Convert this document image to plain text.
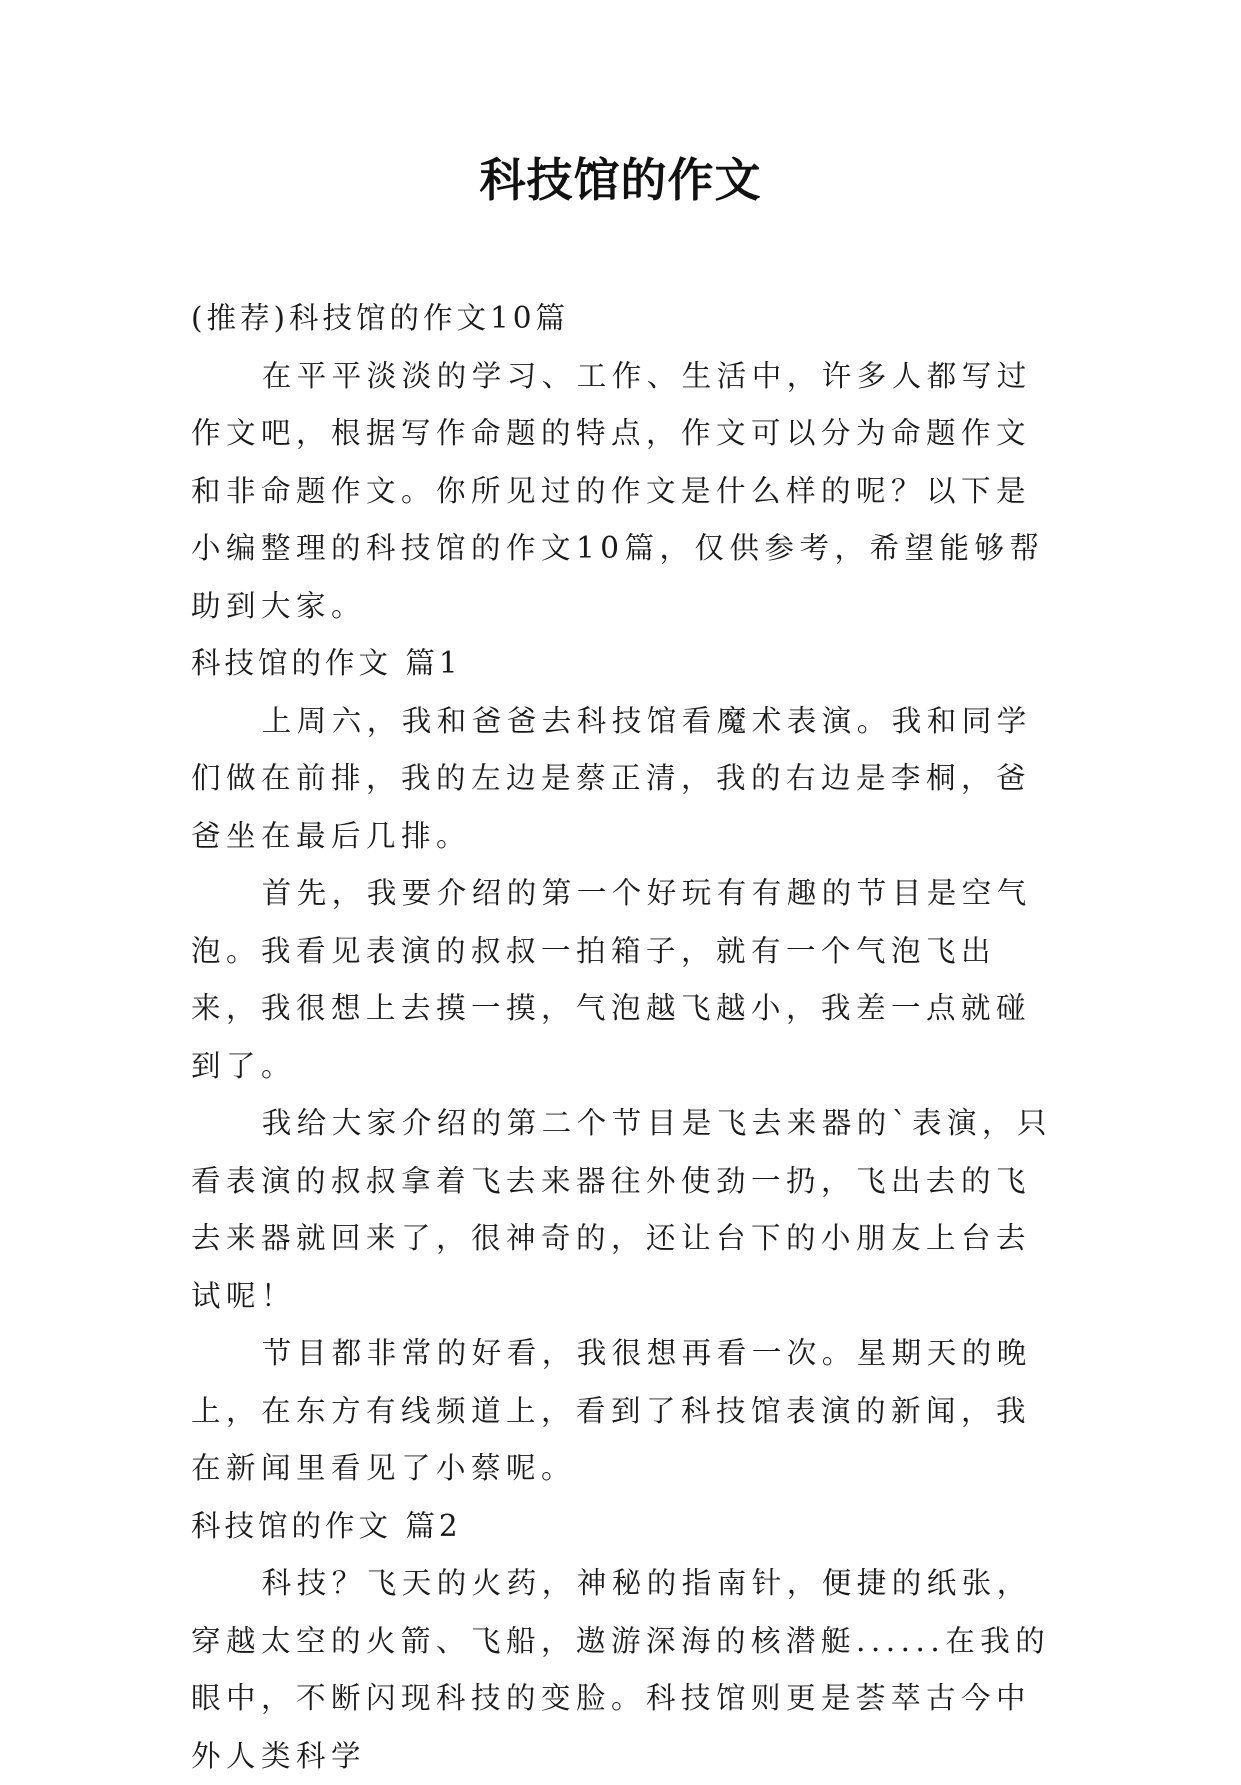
科技馆的作文

(推荐)科技馆的作文10篇

在平平淡淡的学习、工作、生活中，许多人都写过作文吧，根据写作命题的特点，作文可以分为命题作文和非命题作文。你所见过的作文是什么样的呢？以下是小编整理的科技馆的作文10篇，仅供参考，希望能够帮助到大家。

科技馆的作文 篇1

上周六，我和爸爸去科技馆看魔术表演。我和同学们做在前排，我的左边是蔡正清，我的右边是李桐，爸爸坐在最后几排。

首先，我要介绍的第一个好玩有有趣的节目是空气泡。我看见表演的叔叔一拍箱子，就有一个气泡飞出来，我很想上去摸一摸，气泡越飞越小，我差一点就碰到了。

我给大家介绍的第二个节目是飞去来器的`表演，只看表演的叔叔拿着飞去来器往外使劲一扔，飞出去的飞去来器就回来了，很神奇的，还让台下的小朋友上台去试呢！

节目都非常的好看，我很想再看一次。星期天的晚上，在东方有线频道上，看到了科技馆表演的新闻，我在新闻里看见了小蔡呢。

科技馆的作文 篇2

科技？飞天的火药，神秘的指南针，便捷的纸张，穿越太空的火箭、飞船，遨游深海的核潜艇......在我的眼中，不断闪现科技的变脸。科技馆则更是荟萃古今中外人类科学
